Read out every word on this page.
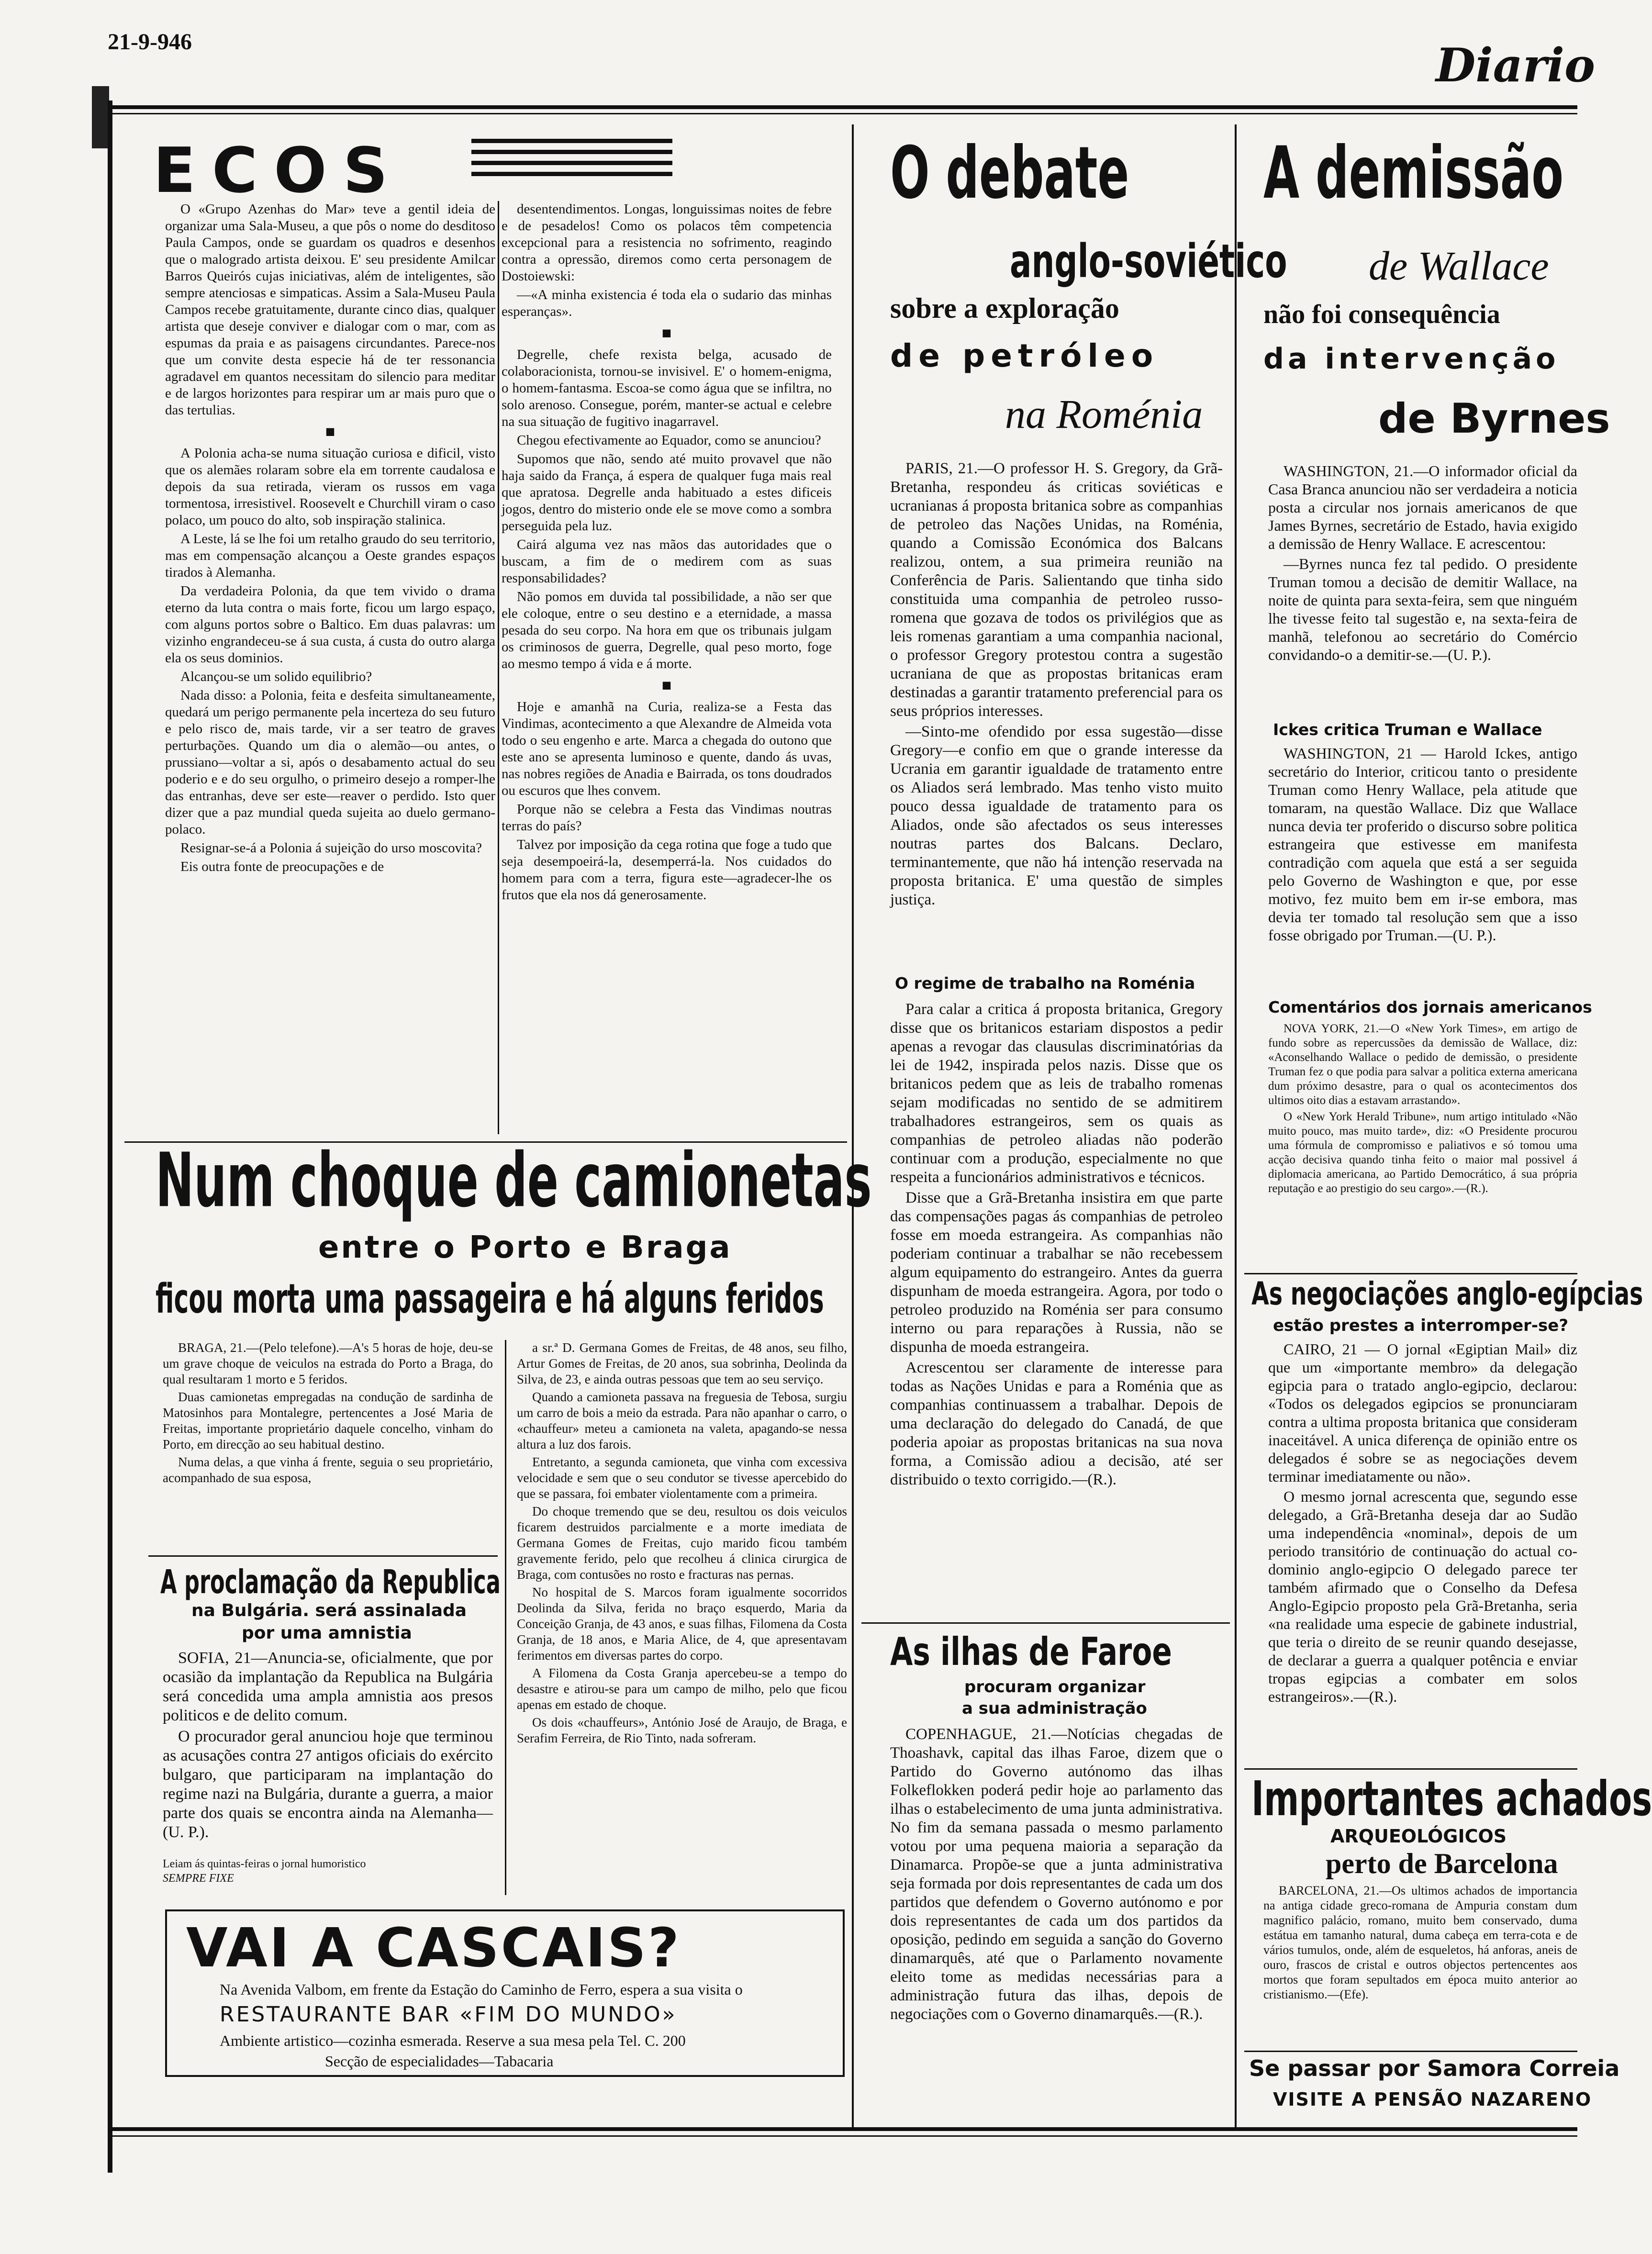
21-9-946	Diario
ECOS

O «Grupo Azenhas do Mar» teve a gentil ideia de organizar uma Sala-Museu, a que pôs o nome do desditoso Paula Campos, onde se guardam os quadros e desenhos que o malogrado artista deixou. E' seu presidente Amilcar Barros Queirós cujas iniciativas, além de inteligentes, são sempre atenciosas e simpaticas. Assim a Sala-Museu Paula Campos recebe gratuitamente, durante cinco dias, qualquer artista que deseje conviver e dialogar com o mar, com as espumas da praia e as paisagens circundantes. Parece-nos que um convite desta especie há de ter ressonancia agradavel em quantos necessitam do silencio para meditar e de largos horizontes para respirar um ar mais puro que o das tertulias.

■

A Polonia acha-se numa situação curiosa e dificil, visto que os alemães rolaram sobre ela em torrente caudalosa e depois da sua retirada, vieram os russos em vaga tormentosa, irresistivel. Roosevelt e Churchill viram o caso polaco, um pouco do alto, sob inspiração stalinica.

A Leste, lá se lhe foi um retalho graudo do seu territorio, mas em compensação alcançou a Oeste grandes espaços tirados à Alemanha.

Da verdadeira Polonia, da que tem vivido o drama eterno da luta contra o mais forte, ficou um largo espaço, com alguns portos sobre o Baltico. Em duas palavras: um vizinho engrandeceu-se á sua custa, á custa do outro alarga ela os seus dominios.

Alcançou-se um solido equilibrio?

Nada disso: a Polonia, feita e desfeita simultaneamente, quedará um perigo permanente pela incerteza do seu futuro e pelo risco de, mais tarde, vir a ser teatro de graves perturbações. Quando um dia o alemão—ou antes, o prussiano—voltar a si, após o desabamento actual do seu poderio e e do seu orgulho, o primeiro desejo a romper-lhe das entranhas, deve ser este—reaver o perdido. Isto quer dizer que a paz mundial queda sujeita ao duelo germano-polaco.

Resignar-se-á a Polonia á sujeição do urso moscovita?

Eis outra fonte de preocupações e de

desentendimentos. Longas, longuissimas noites de febre e de pesadelos! Como os polacos têm competencia excepcional para a resistencia no sofrimento, reagindo contra a opressão, diremos como certa personagem de Dostoiewski:

—«A minha existencia é toda ela o sudario das minhas esperanças».

■

Degrelle, chefe rexista belga, acusado de colaboracionista, tornou-se invisivel. E' o homem-enigma, o homem-fantasma. Escoa-se como água que se infiltra, no solo arenoso. Consegue, porém, manter-se actual e celebre na sua situação de fugitivo inagarravel.

Chegou efectivamente ao Equador, como se anunciou?

Supomos que não, sendo até muito provavel que não haja saido da França, á espera de qualquer fuga mais real que apratosa. Degrelle anda habituado a estes dificeis jogos, dentro do misterio onde ele se move como a sombra perseguida pela luz.

Cairá alguma vez nas mãos das autoridades que o buscam, a fim de o medirem com as suas responsabilidades?

Não pomos em duvida tal possibilidade, a não ser que ele coloque, entre o seu destino e a eternidade, a massa pesada do seu corpo. Na hora em que os tribunais julgam os criminosos de guerra, Degrelle, qual peso morto, foge ao mesmo tempo á vida e á morte.

■

Hoje e amanhã na Curia, realiza-se a Festa das Vindimas, acontecimento a que Alexandre de Almeida vota todo o seu engenho e arte. Marca a chegada do outono que este ano se apresenta luminoso e quente, dando ás uvas, nas nobres regiões de Anadia e Bairrada, os tons doudrados ou escuros que lhes convem.

Porque não se celebra a Festa das Vindimas noutras terras do país?

Talvez por imposição da cega rotina que foge a tudo que seja desempoeirá-la, desemperrá-la. Nos cuidados do homem para com a terra, figura este—agradecer-lhe os frutos que ela nos dá generosamente.

Num choque de camionetas
entre o Porto e Braga
ficou morta uma passageira e há alguns feridos

BRAGA, 21.—(Pelo telefone).—A's 5 horas de hoje, deu-se um grave choque de veiculos na estrada do Porto a Braga, do qual resultaram 1 morto e 5 feridos.

Duas camionetas empregadas na condução de sardinha de Matosinhos para Montalegre, pertencentes a José Maria de Freitas, importante proprietário daquele concelho, vinham do Porto, em direcção ao seu habitual destino.

Numa delas, a que vinha á frente, seguia o seu proprietário, acompanhado de sua esposa,

a sr.ª D. Germana Gomes de Freitas, de 48 anos, seu filho, Artur Gomes de Freitas, de 20 anos, sua sobrinha, Deolinda da Silva, de 23, e ainda outras pessoas que tem ao seu serviço.

Quando a camioneta passava na freguesia de Tebosa, surgiu um carro de bois a meio da estrada. Para não apanhar o carro, o «chauffeur» meteu a camioneta na valeta, apagando-se nessa altura a luz dos farois.

Entretanto, a segunda camioneta, que vinha com excessiva velocidade e sem que o seu condutor se tivesse apercebido do que se passara, foi embater violentamente com a primeira.

Do choque tremendo que se deu, resultou os dois veiculos ficarem destruidos parcialmente e a morte imediata de Germana Gomes de Freitas, cujo marido ficou também gravemente ferido, pelo que recolheu á clinica cirurgica de Braga, com contusões no rosto e fracturas nas pernas.

No hospital de S. Marcos foram igualmente socorridos Deolinda da Silva, ferida no braço esquerdo, Maria da Conceição Granja, de 43 anos, e suas filhas, Filomena da Costa Granja, de 18 anos, e Maria Alice, de 4, que apresentavam ferimentos em diversas partes do corpo.

A Filomena da Costa Granja apercebeu-se a tempo do desastre e atirou-se para um campo de milho, pelo que ficou apenas em estado de choque.

Os dois «chauffeurs», António José de Araujo, de Braga, e Serafim Ferreira, de Rio Tinto, nada sofreram.

A proclamação da Republica
na Bulgária. será assinalada
por uma amnistia

SOFIA, 21—Anuncia-se, oficialmente, que por ocasião da implantação da Republica na Bulgária será concedida uma ampla amnistia aos presos politicos e de delito comum.

O procurador geral anunciou hoje que terminou as acusações contra 27 antigos oficiais do exército bulgaro, que participaram na implantação do regime nazi na Bulgária, durante a guerra, a maior parte dos quais se encontra ainda na Alemanha—(U. P.).

Leiam ás quintas-feiras o jornal humoristico
SEMPRE FIXE
VAI A CASCAIS?
Na Avenida Valbom, em frente da Estação do Caminho de Ferro, espera a sua visita o
RESTAURANTE BAR «FIM DO MUNDO»
Ambiente artistico—cozinha esmerada. Reserve a sua mesa pela Tel. C. 200
Secção de especialidades—Tabacaria
O debate
anglo-soviético
sobre a exploração
de petróleo
na Roménia

PARIS, 21.—O professor H. S. Gregory, da Grã-Bretanha, respondeu ás criticas soviéticas e ucranianas á proposta britanica sobre as companhias de petroleo das Nações Unidas, na Roménia, quando a Comissão Económica dos Balcans realizou, ontem, a sua primeira reunião na Conferência de Paris. Salientando que tinha sido constituida uma companhia de petroleo russo-romena que gozava de todos os privilégios que as leis romenas garantiam a uma companhia nacional, o professor Gregory protestou contra a sugestão ucraniana de que as propostas britanicas eram destinadas a garantir tratamento preferencial para os seus próprios interesses.

—Sinto-me ofendido por essa sugestão—disse Gregory—e confio em que o grande interesse da Ucrania em garantir igualdade de tratamento entre os Aliados será lembrado. Mas tenho visto muito pouco dessa igualdade de tratamento para os Aliados, onde são afectados os seus interesses noutras partes dos Balcans. Declaro, terminantemente, que não há intenção reservada na proposta britanica. E' uma questão de simples justiça.

O regime de trabalho na Roménia

Para calar a critica á proposta britanica, Gregory disse que os britanicos estariam dispostos a pedir apenas a revogar das clausulas discriminatórias da lei de 1942, inspirada pelos nazis. Disse que os britanicos pedem que as leis de trabalho romenas sejam modificadas no sentido de se admitirem trabalhadores estrangeiros, sem os quais as companhias de petroleo aliadas não poderão continuar com a produção, especialmente no que respeita a funcionários administrativos e técnicos.

Disse que a Grã-Bretanha insistira em que parte das compensações pagas ás companhias de petroleo fosse em moeda estrangeira. As companhias não poderiam continuar a trabalhar se não recebessem algum equipamento do estrangeiro. Antes da guerra dispunham de moeda estrangeira. Agora, por todo o petroleo produzido na Roménia ser para consumo interno ou para reparações à Russia, não se dispunha de moeda estrangeira.

Acrescentou ser claramente de interesse para todas as Nações Unidas e para a Roménia que as companhias continuassem a trabalhar. Depois de uma declaração do delegado do Canadá, de que poderia apoiar as propostas britanicas na sua nova forma, a Comissão adiou a decisão, até ser distribuido o texto corrigido.—(R.).

As ilhas de Faroe
procuram organizar
a sua administração

COPENHAGUE, 21.—Notícias chegadas de Thoashavk, capital das ilhas Faroe, dizem que o Partido do Governo autónomo das ilhas Folkeflokken poderá pedir hoje ao parlamento das ilhas o estabelecimento de uma junta administrativa. No fim da semana passada o mesmo parlamento votou por uma pequena maioria a separação da Dinamarca. Propõe-se que a junta administrativa seja formada por dois representantes de cada um dos partidos que defendem o Governo autónomo e por dois representantes de cada um dos partidos da oposição, pedindo em seguida a sanção do Governo dinamarquês, até que o Parlamento novamente eleito tome as medidas necessárias para a administração futura das ilhas, depois de negociações com o Governo dinamarquês.—(R.).

A demissão
de Wallace
não foi consequência
da intervenção
de Byrnes

WASHINGTON, 21.—O informador oficial da Casa Branca anunciou não ser verdadeira a noticia posta a circular nos jornais americanos de que James Byrnes, secretário de Estado, havia exigido a demissão de Henry Wallace. E acrescentou:

—Byrnes nunca fez tal pedido. O presidente Truman tomou a decisão de demitir Wallace, na noite de quinta para sexta-feira, sem que ninguém lhe tivesse feito tal sugestão e, na sexta-feira de manhã, telefonou ao secretário do Comércio convidando-o a demitir-se.—(U. P.).

Ickes critica Truman e Wallace

WASHINGTON, 21 — Harold Ickes, antigo secretário do Interior, criticou tanto o presidente Truman como Henry Wallace, pela atitude que tomaram, na questão Wallace. Diz que Wallace nunca devia ter proferido o discurso sobre politica estrangeira que estivesse em manifesta contradição com aquela que está a ser seguida pelo Governo de Washington e que, por esse motivo, fez muito bem em ir-se embora, mas devia ter tomado tal resolução sem que a isso fosse obrigado por Truman.—(U. P.).

Comentários dos jornais americanos

NOVA YORK, 21.—O «New York Times», em artigo de fundo sobre as repercussões da demissão de Wallace, diz: «Aconselhando Wallace o pedido de demissão, o presidente Truman fez o que podia para salvar a politica externa americana dum próximo desastre, para o qual os acontecimentos dos ultimos oito dias a estavam arrastando».

O «New York Herald Tribune», num artigo intitulado «Não muito pouco, mas muito tarde», diz: «O Presidente procurou uma fórmula de compromisso e paliativos e só tomou uma acção decisiva quando tinha feito o maior mal possivel á diplomacia americana, ao Partido Democrático, á sua própria reputação e ao prestigio do seu cargo».—(R.).

As negociações anglo-egípcias
estão prestes a interromper-se?

CAIRO, 21 — O jornal «Egiptian Mail» diz que um «importante membro» da delegação egipcia para o tratado anglo-egipcio, declarou: «Todos os delegados egipcios se pronunciaram contra a ultima proposta britanica que consideram inaceitável. A unica diferença de opinião entre os delegados é sobre se as negociações devem terminar imediatamente ou não».

O mesmo jornal acrescenta que, segundo esse delegado, a Grã-Bretanha deseja dar ao Sudão uma independência «nominal», depois de um periodo transitório de continuação do actual co-dominio anglo-egipcio O delegado parece ter também afirmado que o Conselho da Defesa Anglo-Egipcio proposto pela Grã-Bretanha, seria «na realidade uma especie de gabinete industrial, que teria o direito de se reunir quando desejasse, de declarar a guerra a qualquer potência e enviar tropas egipcias a combater em solos estrangeiros».—(R.).

Importantes achados
ARQUEOLÓGICOS
perto de Barcelona

BARCELONA, 21.—Os ultimos achados de importancia na antiga cidade greco-romana de Ampuria constam dum magnifico palácio, romano, muito bem conservado, duma estátua em tamanho natural, duma cabeça em terra-cota e de vários tumulos, onde, além de esqueletos, há anforas, aneis de ouro, frascos de cristal e outros objectos pertencentes aos mortos que foram sepultados em época muito anterior ao cristianismo.—(Efe).

Se passar por Samora Correia
VISITE A PENSÃO NAZARENO
